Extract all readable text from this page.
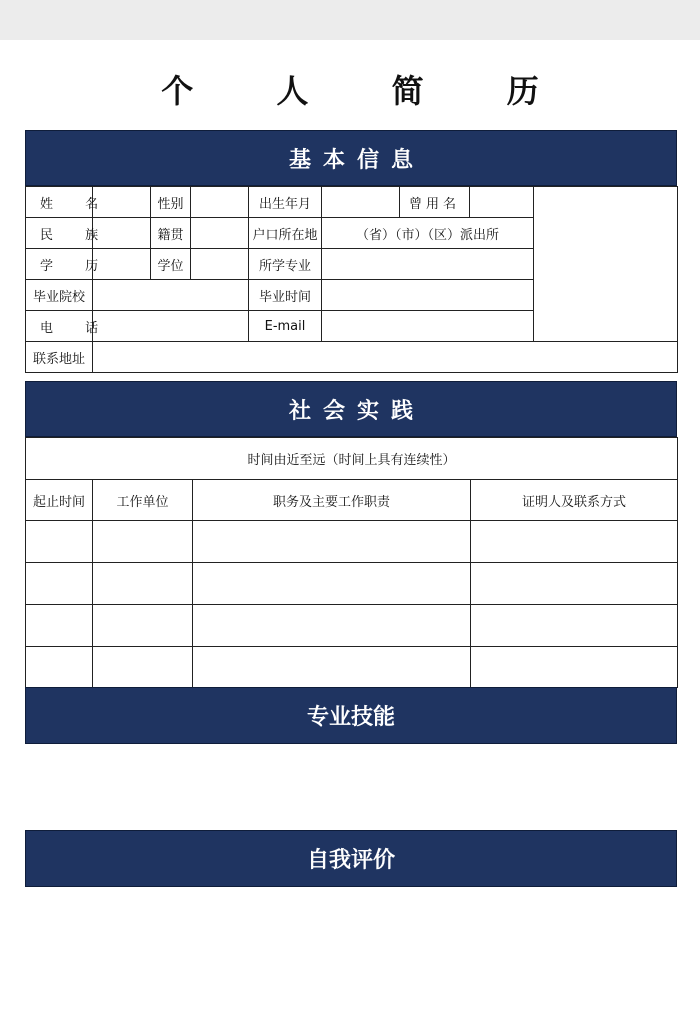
个 人 简 历
基本信息
姓 名		性别		出生年月		曾用名		
民 族		籍贯		户口所在地	（省）（市）（区）派出所			
学 历		学位		所学专业				
毕业院校				毕业时间				
电 话				E-mail				
联系地址								
社会实践
时间由近至远（时间上具有连续性）			
起止时间	工作单位	职务及主要工作职责	证明人及联系方式

专业技能
自我评价
